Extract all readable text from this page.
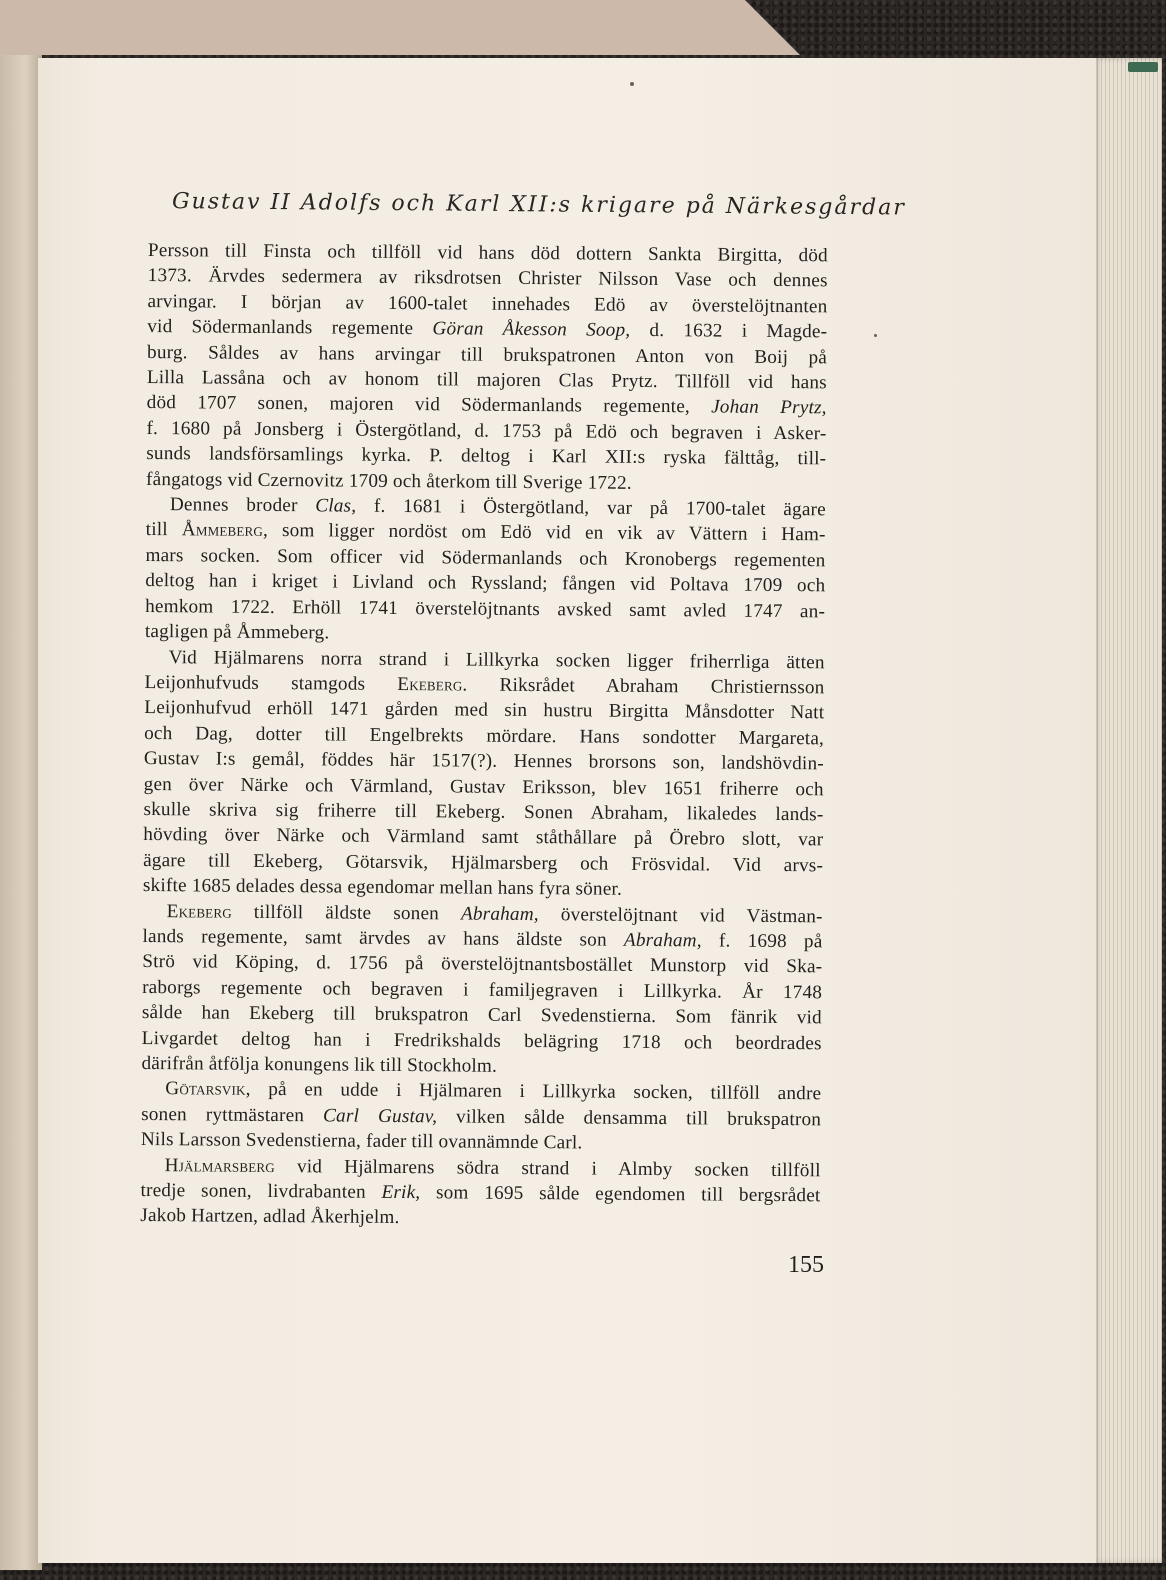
Gustav II Adolfs och Karl XII:s krigare på Närkesgårdar
Persson till Finsta och tillföll vid hans död dottern Sankta Birgitta, död
1373. Ärvdes sedermera av riksdrotsen Christer Nilsson Vase och dennes
arvingar. I början av 1600-talet innehades Edö av överstelöjtnanten
vid Södermanlands regemente Göran Åkesson Soop, d. 1632 i Magde-
burg. Såldes av hans arvingar till brukspatronen Anton von Boij på
Lilla Lassåna och av honom till majoren Clas Prytz. Tillföll vid hans
död 1707 sonen, majoren vid Södermanlands regemente, Johan Prytz,
f. 1680 på Jonsberg i Östergötland, d. 1753 på Edö och begraven i Asker-
sunds landsförsamlings kyrka. P. deltog i Karl XII:s ryska fälttåg, till-
fångatogs vid Czernovitz 1709 och återkom till Sverige 1722.
Dennes broder Clas, f. 1681 i Östergötland, var på 1700-talet ägare
till Åmmeberg, som ligger nordöst om Edö vid en vik av Vättern i Ham-
mars socken. Som officer vid Södermanlands och Kronobergs regementen
deltog han i kriget i Livland och Ryssland; fången vid Poltava 1709 och
hemkom 1722. Erhöll 1741 överstelöjtnants avsked samt avled 1747 an-
tagligen på Åmmeberg.
Vid Hjälmarens norra strand i Lillkyrka socken ligger friherrliga ätten
Leijonhufvuds stamgods Ekeberg. Riksrådet Abraham Christiernsson
Leijonhufvud erhöll 1471 gården med sin hustru Birgitta Månsdotter Natt
och Dag, dotter till Engelbrekts mördare. Hans sondotter Margareta,
Gustav I:s gemål, föddes här 1517(?). Hennes brorsons son, landshövdin-
gen över Närke och Värmland, Gustav Eriksson, blev 1651 friherre och
skulle skriva sig friherre till Ekeberg. Sonen Abraham, likaledes lands-
hövding över Närke och Värmland samt ståthållare på Örebro slott, var
ägare till Ekeberg, Götarsvik, Hjälmarsberg och Frösvidal. Vid arvs-
skifte 1685 delades dessa egendomar mellan hans fyra söner.
Ekeberg tillföll äldste sonen Abraham, överstelöjtnant vid Västman-
lands regemente, samt ärvdes av hans äldste son Abraham, f. 1698 på
Strö vid Köping, d. 1756 på överstelöjtnantsbostället Munstorp vid Ska-
raborgs regemente och begraven i familjegraven i Lillkyrka. År 1748
sålde han Ekeberg till brukspatron Carl Svedenstierna. Som fänrik vid
Livgardet deltog han i Fredrikshalds belägring 1718 och beordrades
därifrån åtfölja konungens lik till Stockholm.
Götarsvik, på en udde i Hjälmaren i Lillkyrka socken, tillföll andre
sonen ryttmästaren Carl Gustav, vilken sålde densamma till brukspatron
Nils Larsson Svedenstierna, fader till ovannämnde Carl.
Hjälmarsberg vid Hjälmarens södra strand i Almby socken tillföll
tredje sonen, livdrabanten Erik, som 1695 sålde egendomen till bergsrådet
Jakob Hartzen, adlad Åkerhjelm.
155
